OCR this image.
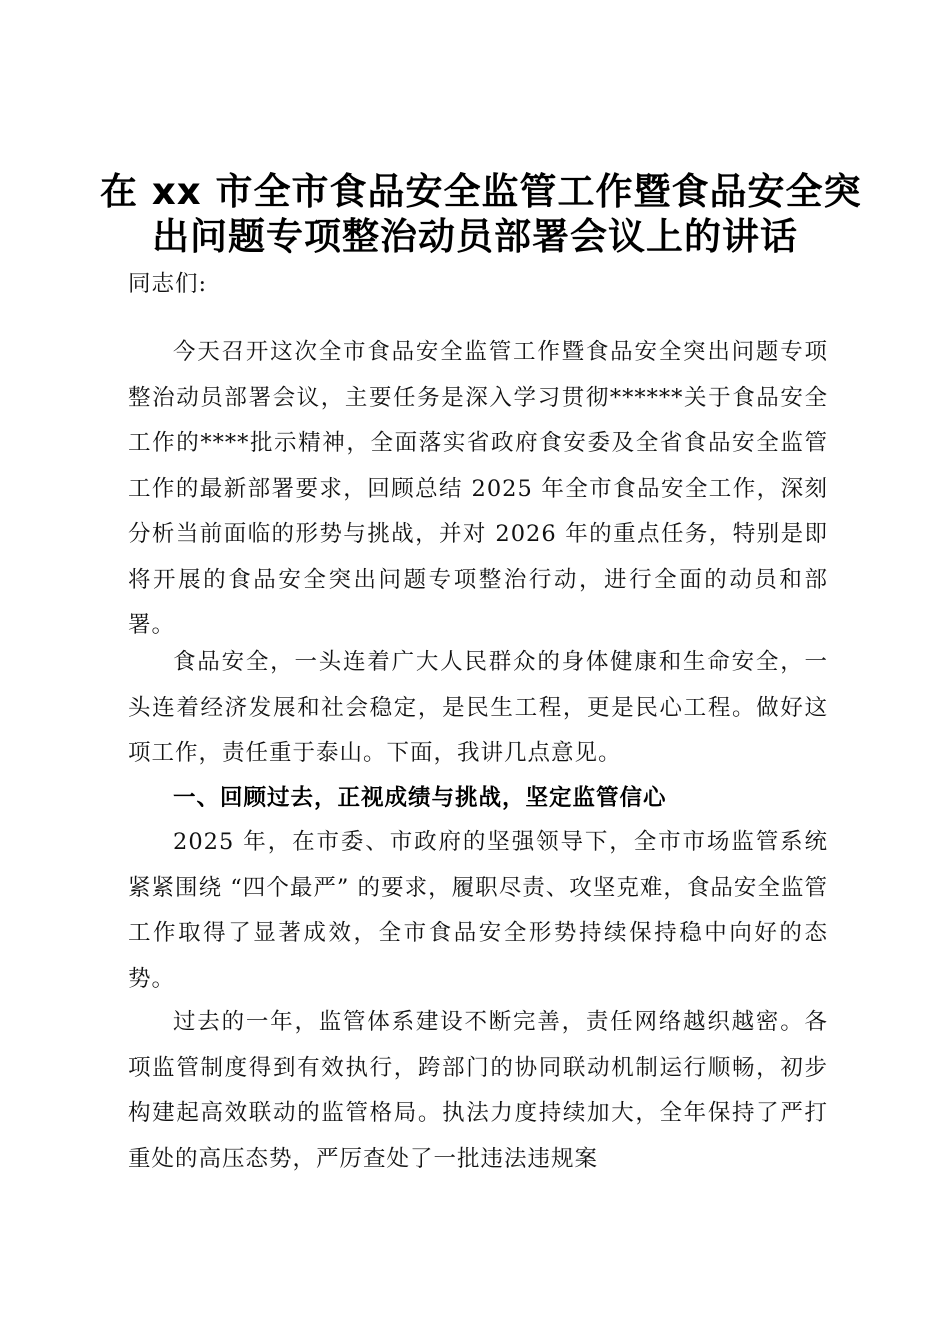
在 xx 市全市食品安全监管工作暨食品安全突
出问题专项整治动员部署会议上的讲话
同志们:

今天召开这次全市食品安全监管工作暨食品安全突出问题专项整治动员部署会议，主要任务是深入学习贯彻******关于食品安全工作的****批示精神，全面落实省政府食安委及全省食品安全监管工作的最新部署要求，回顾总结 2025 年全市食品安全工作，深刻分析当前面临的形势与挑战，并对 2026 年的重点任务，特别是即将开展的食品安全突出问题专项整治行动，进行全面的动员和部署。

食品安全，一头连着广大人民群众的身体健康和生命安全，一头连着经济发展和社会稳定，是民生工程，更是民心工程。做好这项工作，责任重于泰山。下面，我讲几点意见。

一、回顾过去，正视成绩与挑战，坚定监管信心

2025 年，在市委、市政府的坚强领导下，全市市场监管系统紧紧围绕 “四个最严” 的要求，履职尽责、攻坚克难，食品安全监管工作取得了显著成效，全市食品安全形势持续保持稳中向好的态势。

过去的一年，监管体系建设不断完善，责任网络越织越密。各项监管制度得到有效执行，跨部门的协同联动机制运行顺畅，初步构建起高效联动的监管格局。执法力度持续加大，全年保持了严打重处的高压态势，严厉查处了一批违法违规案
